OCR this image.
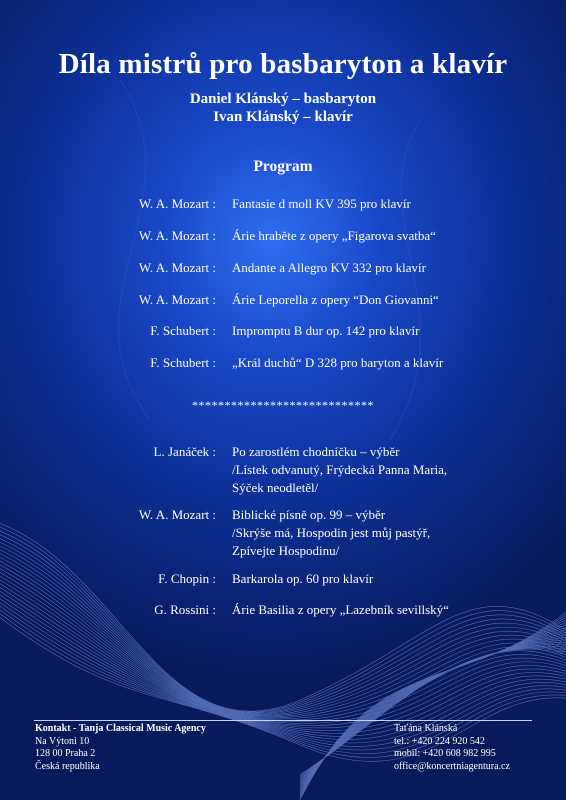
Díla mistrů pro basbaryton a klavír
Daniel Klánský – basbaryton
Ivan Klánský – klavír
Program
W. A. Mozart : Fantasie d moll KV 395 pro klavír
W. A. Mozart : Árie hraběte z opery „Figarova svatba“
W. A. Mozart : Andante a Allegro KV 332 pro klavír
W. A. Mozart : Árie Leporella z opery “Don Giovanni“
F. Schubert : Impromptu B dur op. 142 pro klavír
F. Schubert : „Král duchů“ D 328 pro baryton a klavír
****************************
L. Janáček : Po zarostlém chodníčku – výběr
/Lístek odvanutý, Frýdecká Panna Maria,
Sýček neodletěl/
W. A. Mozart : Biblické písně op. 99 – výběr
/Skrýše má, Hospodin jest můj pastýř,
Zpívejte Hospodinu/
F. Chopin : Barkarola op. 60 pro klavír
G. Rossini : Árie Basilia z opery „Lazebník sevillský“
Kontakt - Tanja Classical Music Agency
Na Výtoni 10
128 00 Praha 2
Česká republika
Taťána Klánská
tel.: +420 224 920 542
mobil: +420 608 982 995
office@koncertniagentura.cz
